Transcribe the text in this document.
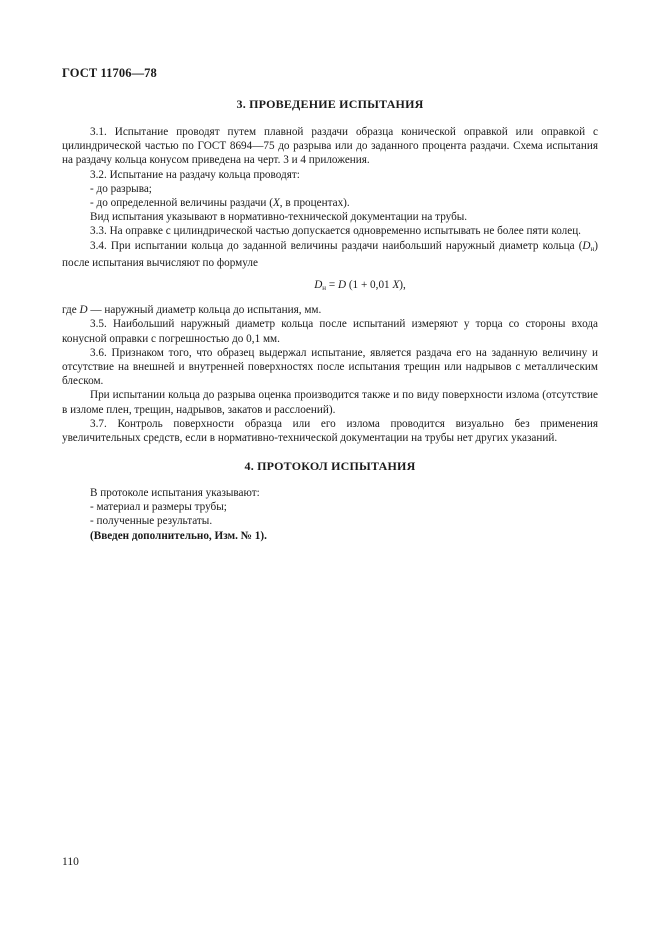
ГОСТ 11706—78
3. ПРОВЕДЕНИЕ ИСПЫТАНИЯ

3.1. Испытание проводят путем плавной раздачи образца конической оправкой или оправкой с цилиндрической частью по ГОСТ 8694—75 до разрыва или до заданного процента раздачи. Схема испытания на раздачу кольца конусом приведена на черт. 3 и 4 приложения.

3.2. Испытание на раздачу кольца проводят:

- до разрыва;

- до определенной величины раздачи (X, в процентах).

Вид испытания указывают в нормативно-технической документации на трубы.

3.3. На оправке с цилиндрической частью допускается одновременно испытывать не более пяти колец.

3.4. При испытании кольца до заданной величины раздачи наибольший наружный диаметр кольца $(D_н)$ после испытания вычисляют по формуле

$D_н = D$ (1 + 0,01 X),

где D — наружный диаметр кольца до испытания, мм.

3.5. Наибольший наружный диаметр кольца после испытаний измеряют у торца со стороны входа конусной оправки с погрешностью до 0,1 мм.

3.6. Признаком того, что образец выдержал испытание, является раздача его на заданную величину и отсутствие на внешней и внутренней поверхностях после испытания трещин или надрывов с металлическим блеском.

При испытании кольца до разрыва оценка производится также и по виду поверхности излома (отсутствие в изломе плен, трещин, надрывов, закатов и расслоений).

3.7. Контроль поверхности образца или его излома проводится визуально без применения увеличительных средств, если в нормативно-технической документации на трубы нет других указаний.

4. ПРОТОКОЛ ИСПЫТАНИЯ

В протоколе испытания указывают:

- материал и размеры трубы;

- полученные результаты.

(Введен дополнительно, Изм. № 1).

110
